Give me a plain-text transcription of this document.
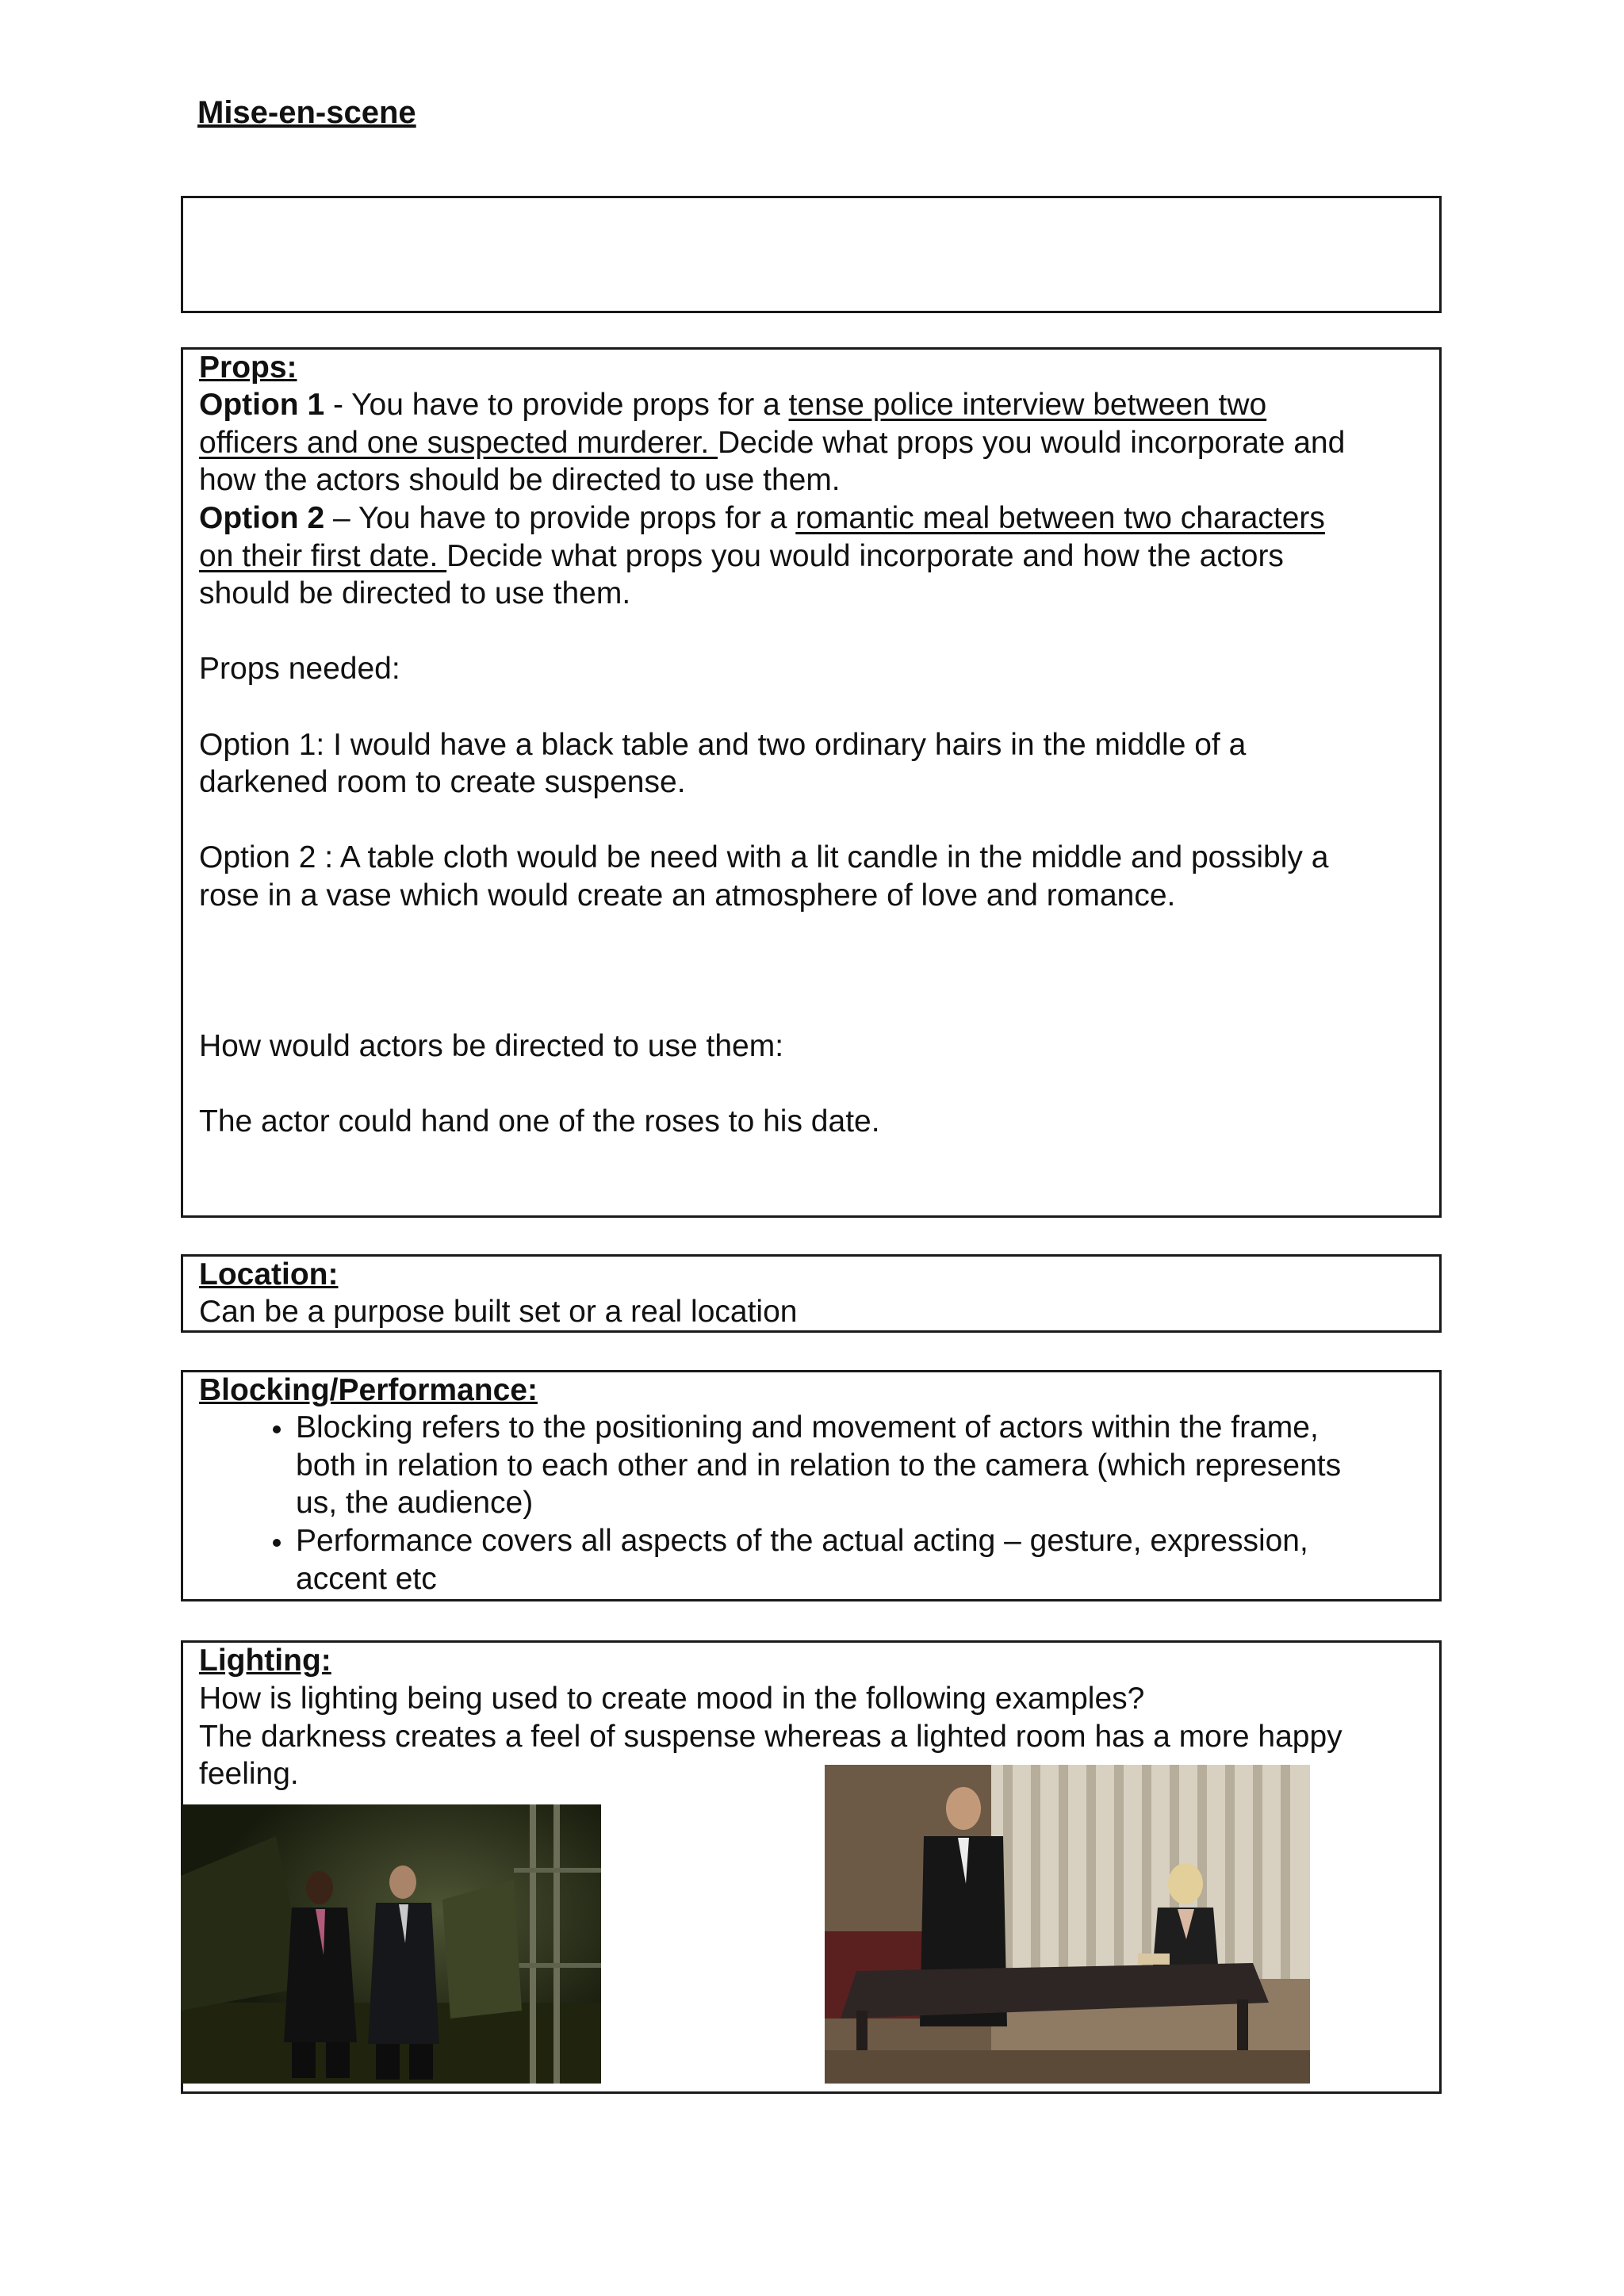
Mise-en-scene
Props:
Option 1 - You have to provide props for a tense police interview between two
officers and one suspected murderer. Decide what props you would incorporate and
how the actors should be directed to use them.
Option 2 – You have to provide props for a romantic meal between two characters
on their first date. Decide what props you would incorporate and how the actors
should be directed to use them.
Props needed:
Option 1: I would have a black table and two ordinary hairs in the middle of a
darkened room to create suspense.
Option 2 : A table cloth would be need with a lit candle in the middle and possibly a
rose in a vase which would create an atmosphere of love and romance.
How would actors be directed to use them:
The actor could hand one of the roses to his date.
Location:
Can be a purpose built set or a real location
Blocking/Performance:
Blocking refers to the positioning and movement of actors within the frame,
both in relation to each other and in relation to the camera (which represents
us, the audience)
Performance covers all aspects of the actual acting – gesture, expression,
accent etc
Lighting:
How is lighting being used to create mood in the following examples?
The darkness creates a feel of suspense whereas a lighted room has a more happy
feeling.
